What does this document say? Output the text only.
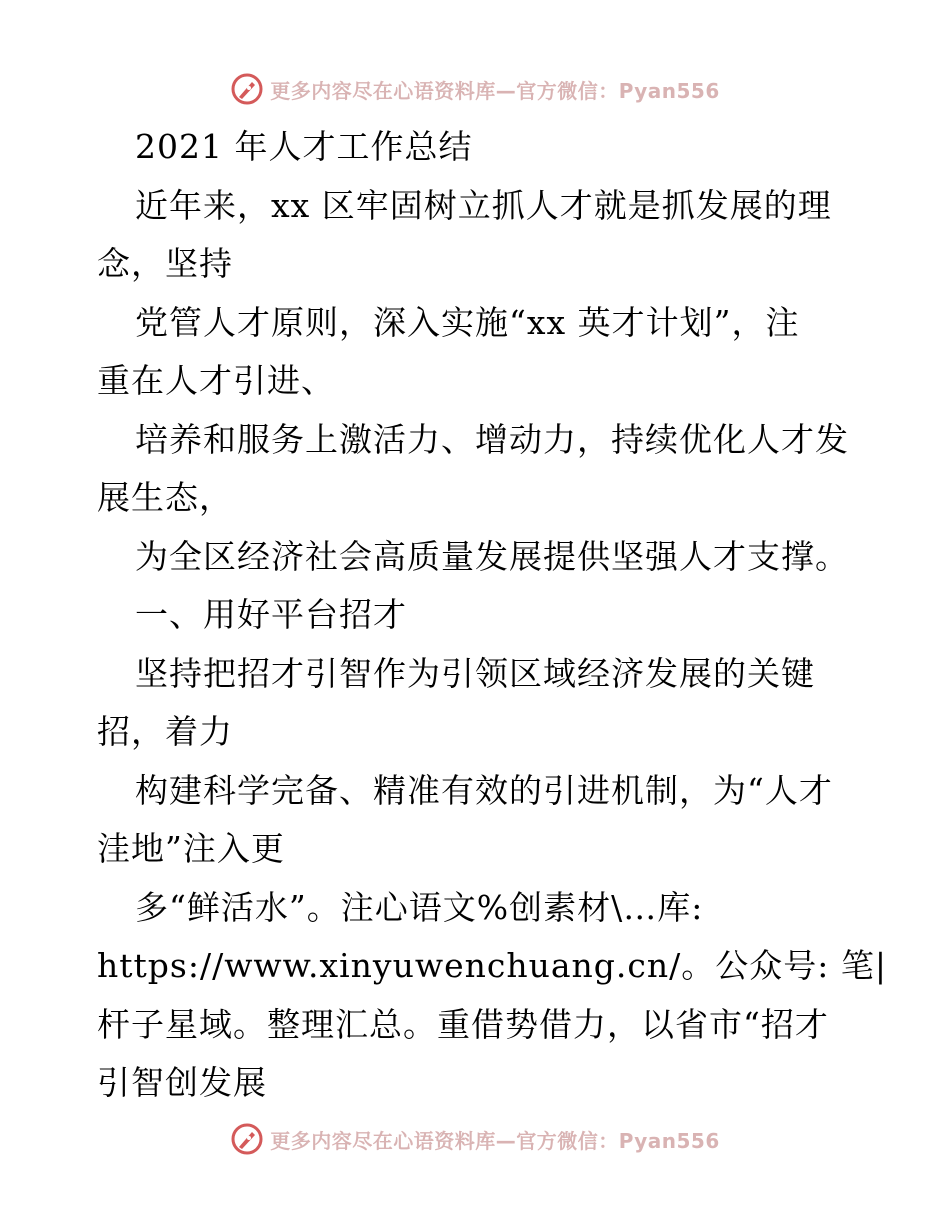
更多内容尽在心语资料库—官方微信：Pyan556
2021 年人才工作总结
近年来，xx 区牢固树立抓人才就是抓发展的理
念，坚持
党管人才原则，深入实施“xx 英才计划”，注
重在人才引进、
培养和服务上激活力、增动力，持续优化人才发
展生态，
为全区经济社会高质量发展提供坚强人才支撑。
一、用好平台招才
坚持把招才引智作为引领区域经济发展的关键
招，着力
构建科学完备、精准有效的引进机制，为“人才
洼地”注入更
多“鲜活水”。注心语文%创素材\…库:
https://www.xinyuwenchuang.cn/。公众号: 笔|
杆子星域。整理汇总。重借势借力，以省市“招才
引智创发展
更多内容尽在心语资料库—官方微信：Pyan556
